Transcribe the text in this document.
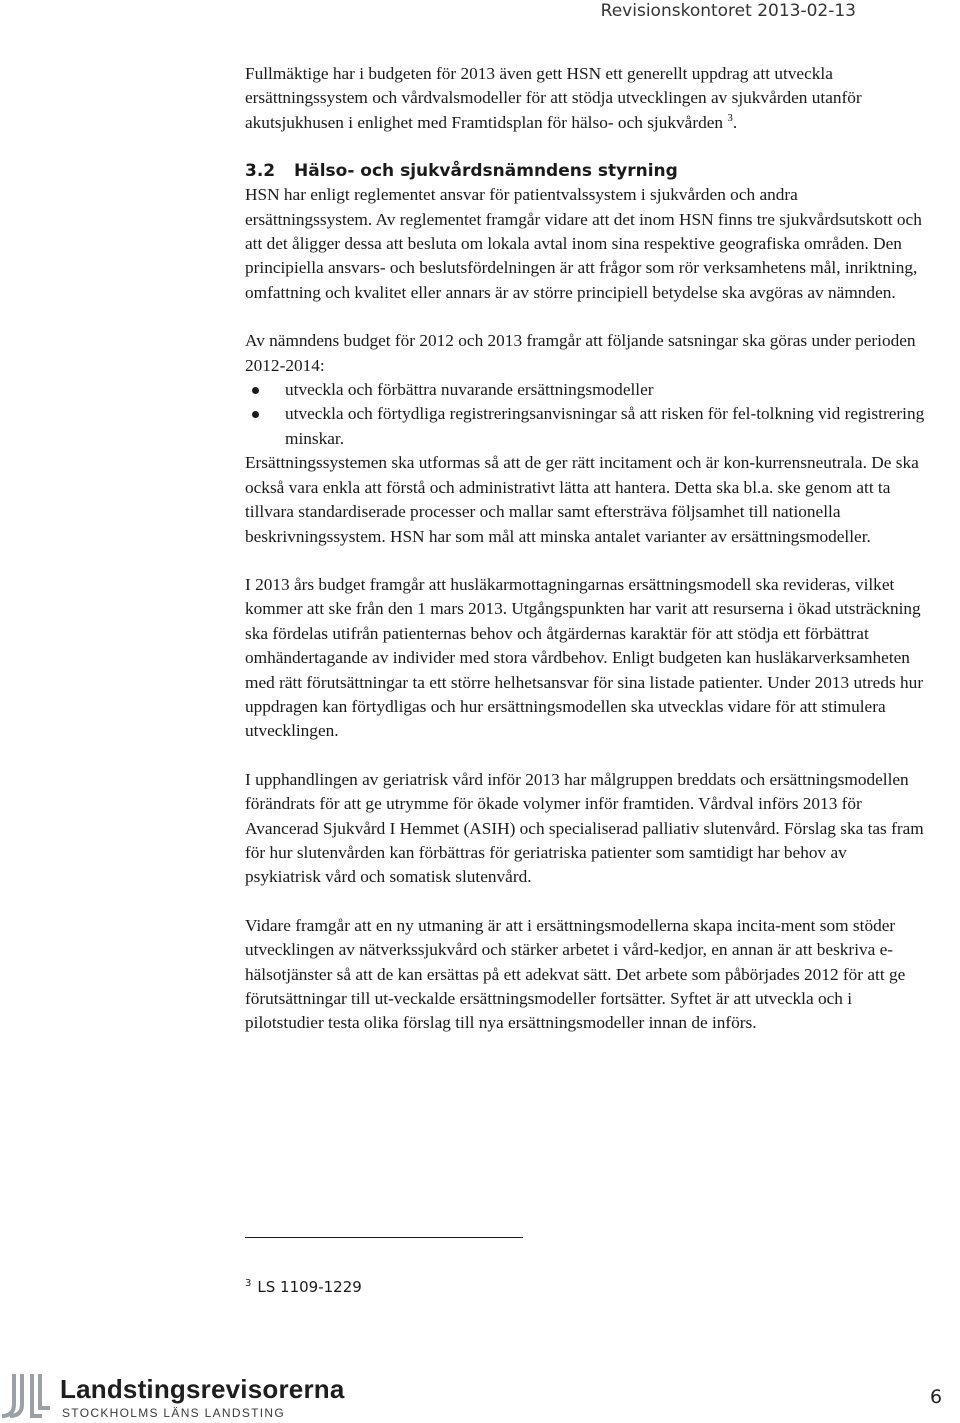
Revisionskontoret 2013-02-13

Fullmäktige har i budgeten för 2013 även gett HSN ett generellt uppdrag att utveckla ersättningssystem och vårdvalsmodeller för att stödja utvecklingen av sjukvården utanför akutsjukhusen i enlighet med Framtidsplan för hälso- och sjukvården $^3$.

3.2	Hälso- och sjukvårdsnämndens styrning

HSN har enligt reglementet ansvar för patientvalssystem i sjukvården och andra ersättningssystem. Av reglementet framgår vidare att det inom HSN finns tre sjukvårdsutskott och att det åligger dessa att besluta om lokala avtal inom sina respektive geografiska områden. Den principiella ansvars- och beslutsfördelningen är att frågor som rör verksamhetens mål, inriktning, omfattning och kvalitet eller annars är av större principiell betydelse ska avgöras av nämnden.

Av nämndens budget för 2012 och 2013 framgår att följande satsningar ska göras under perioden 2012-2014:

utveckla och förbättra nuvarande ersättningsmodeller
utveckla och förtydliga registreringsanvisningar så att risken för fel-tolkning vid registrering minskar.

Ersättningssystemen ska utformas så att de ger rätt incitament och är kon-kurrensneutrala. De ska också vara enkla att förstå och administrativt lätta att hantera. Detta ska bl.a. ske genom att ta tillvara standardiserade processer och mallar samt eftersträva följsamhet till nationella beskrivningssystem. HSN har som mål att minska antalet varianter av ersättningsmodeller.

I 2013 års budget framgår att husläkarmottagningarnas ersättningsmodell ska revideras, vilket kommer att ske från den 1 mars 2013. Utgångspunkten har varit att resurserna i ökad utsträckning ska fördelas utifrån patienternas behov och åtgärdernas karaktär för att stödja ett förbättrat omhändertagande av individer med stora vårdbehov. Enligt budgeten kan husläkarverksamheten med rätt förutsättningar ta ett större helhetsansvar för sina listade patienter. Under 2013 utreds hur uppdragen kan förtydligas och hur ersättningsmodellen ska utvecklas vidare för att stimulera utvecklingen.

I upphandlingen av geriatrisk vård inför 2013 har målgruppen breddats och ersättningsmodellen förändrats för att ge utrymme för ökade volymer inför framtiden. Vårdval införs 2013 för Avancerad Sjukvård I Hemmet (ASIH) och specialiserad palliativ slutenvård. Förslag ska tas fram för hur slutenvården kan förbättras för geriatriska patienter som samtidigt har behov av psykiatrisk vård och somatisk slutenvård.

Vidare framgår att en ny utmaning är att i ersättningsmodellerna skapa incita-ment som stöder utvecklingen av nätverkssjukvård och stärker arbetet i vård-kedjor, en annan är att beskriva e-hälsotjänster så att de kan ersättas på ett adekvat sätt. Det arbete som påbörjades 2012 för att ge förutsättningar till ut-veckalde ersättningsmodeller fortsätter. Syftet är att utveckla och i pilotstudier testa olika förslag till nya ersättningsmodeller innan de införs.

$^3$ LS 1109-1229
Landstingsrevisorerna
STOCKHOLMS LÄNS LANDSTING
6
